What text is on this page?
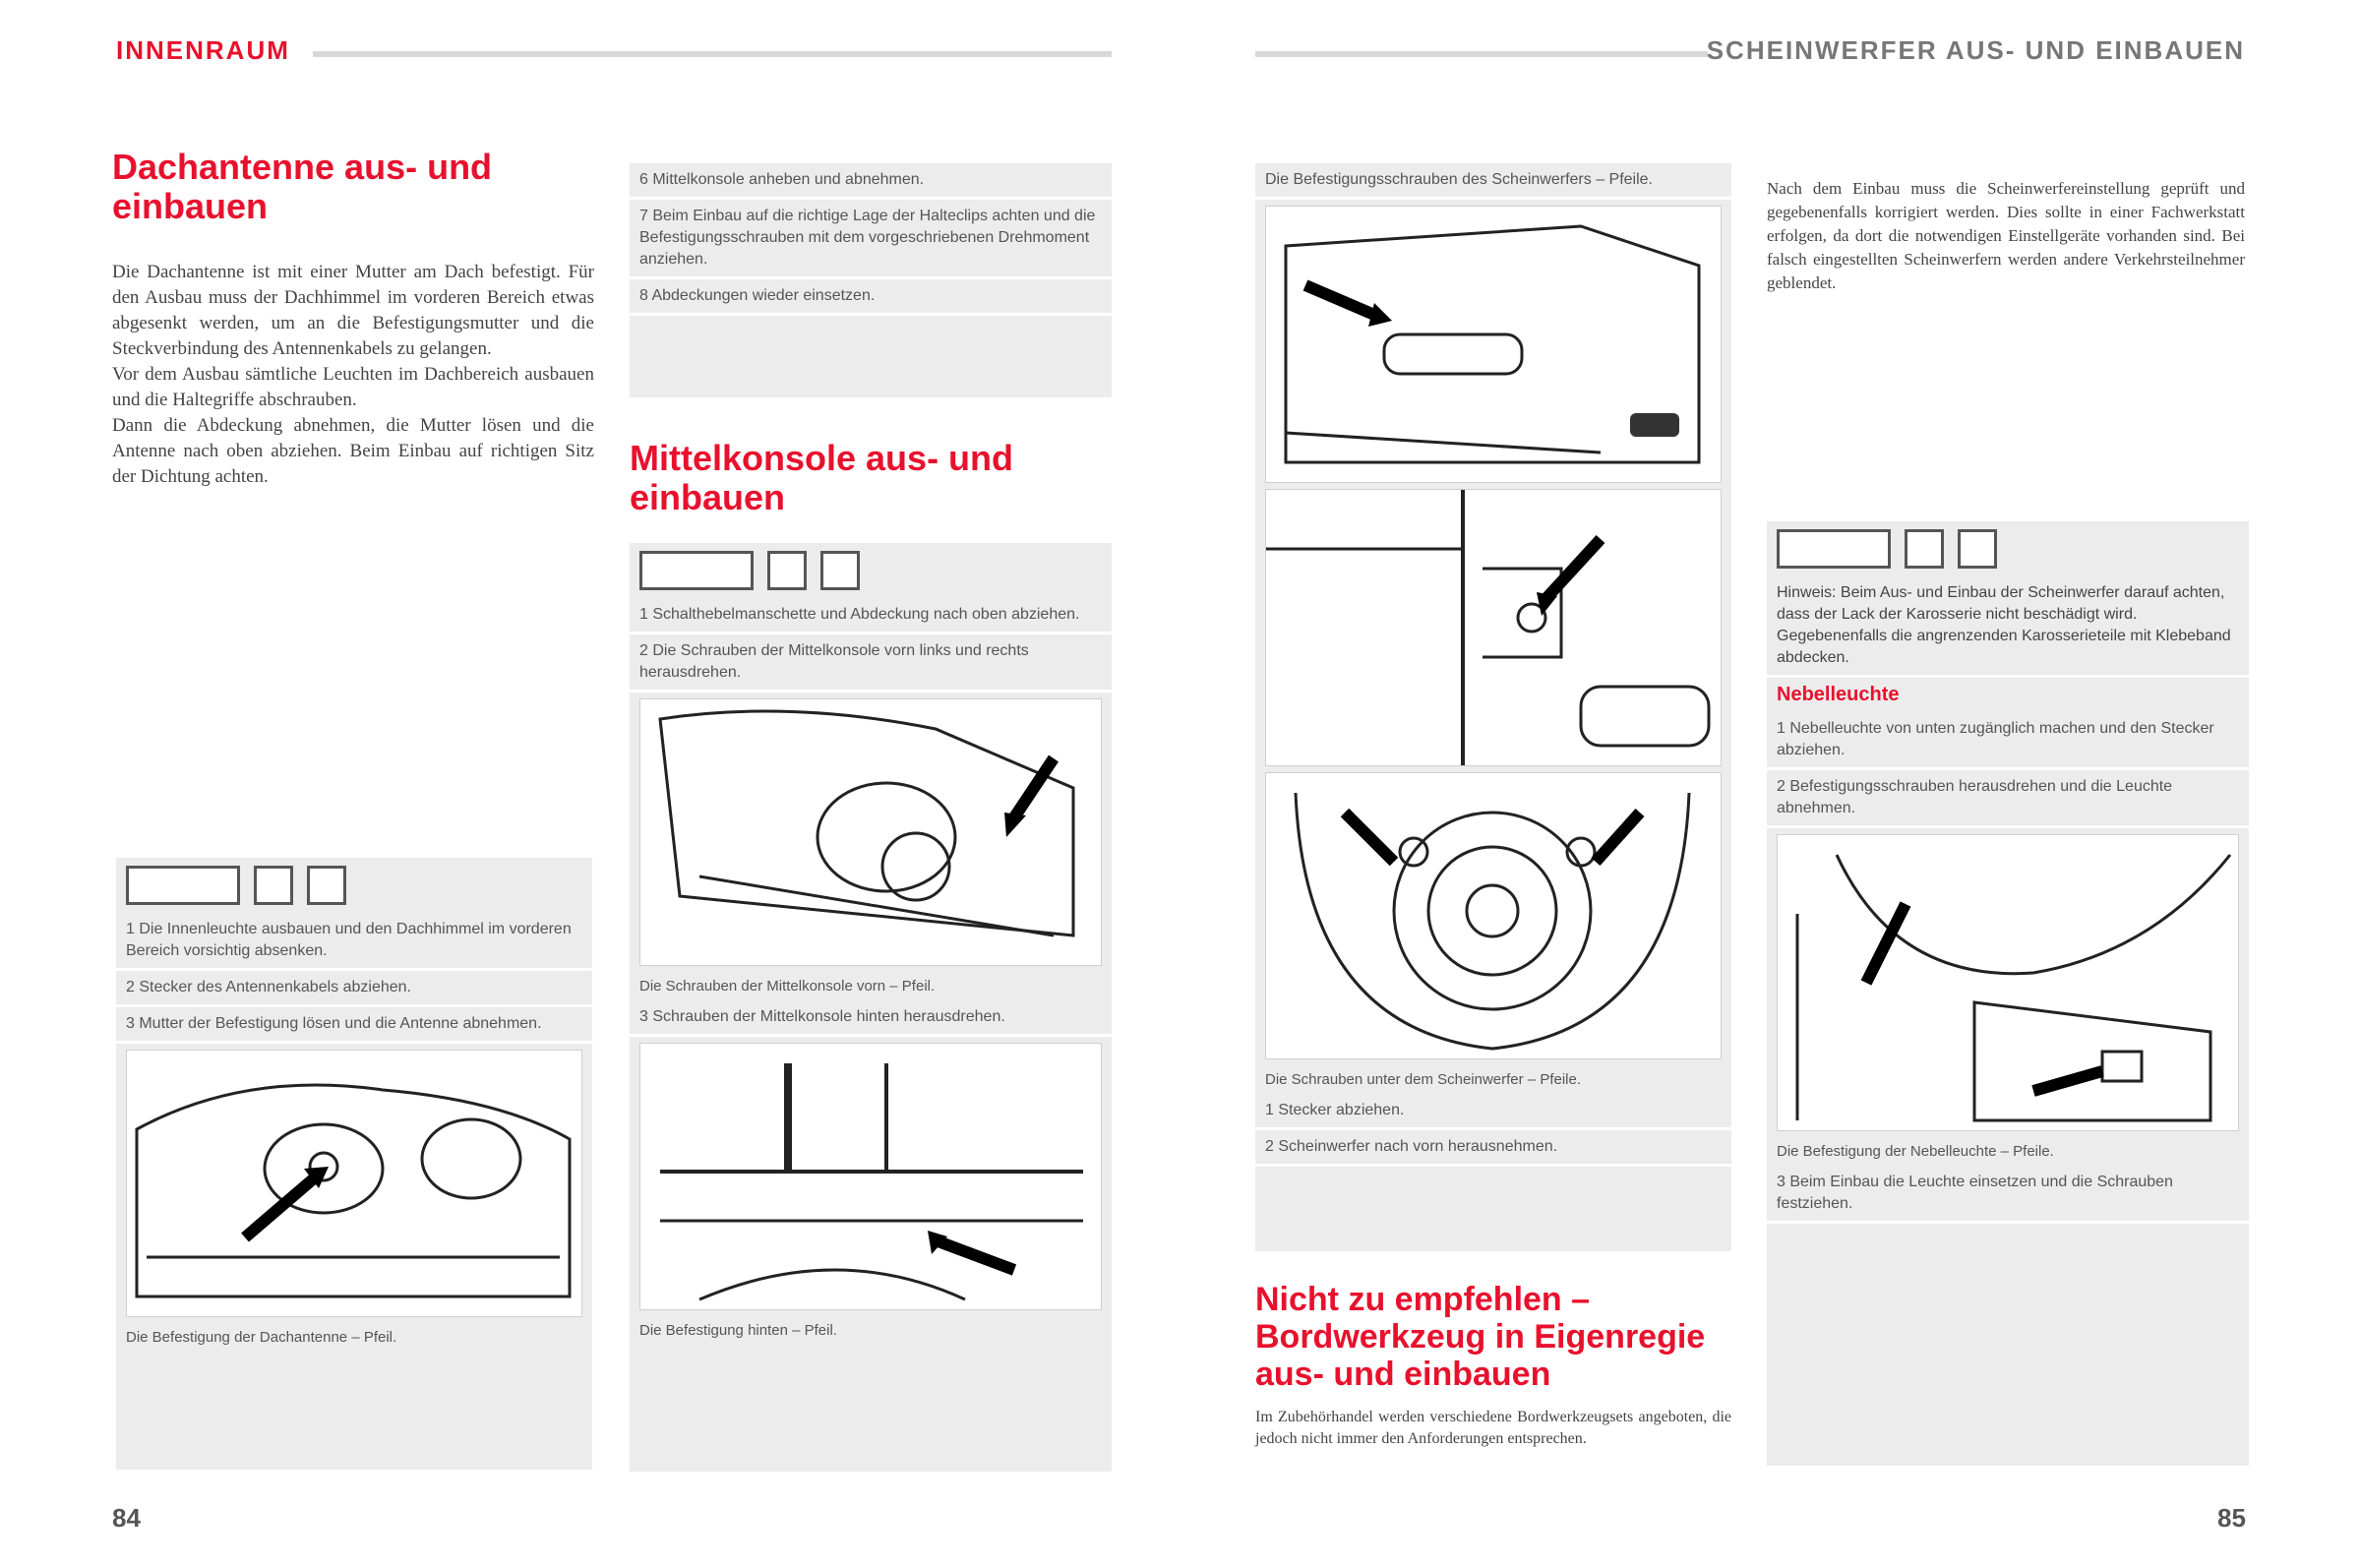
INNENRAUM	SCHEINWERFER AUS- UND EINBAUEN
Dachantenne aus- und einbauen
Die Dachantenne ist mit einer Mutter am Dach befestigt. Für den Ausbau muss der Dachhimmel im vorderen Bereich etwas abgesenkt werden, um an die Befestigungsmutter und die Steckverbindung des Antennenkabels zu gelangen.
Vor dem Ausbau sämtliche Leuchten im Dachbereich ausbauen und die Haltegriffe abschrauben.
Dann die Abdeckung abnehmen, die Mutter lösen und die Antenne nach oben abziehen. Beim Einbau auf richtigen Sitz der Dichtung achten.
1 Die Innenleuchte ausbauen und den Dachhimmel im vorderen Bereich vorsichtig absenken.
2 Stecker des Antennenkabels abziehen.
3 Mutter der Befestigung lösen und die Antenne abnehmen.
Die Befestigung der Dachantenne – Pfeil.
6 Mittelkonsole anheben und abnehmen.
7 Beim Einbau auf die richtige Lage der Halteclips achten und die Befestigungsschrauben mit dem vorgeschriebenen Drehmoment anziehen.
8 Abdeckungen wieder einsetzen.
Mittelkonsole aus- und einbauen
1 Schalthebelmanschette und Abdeckung nach oben abziehen.
2 Die Schrauben der Mittelkonsole vorn links und rechts herausdrehen.
Die Schrauben der Mittelkonsole vorn – Pfeil.
3 Schrauben der Mittelkonsole hinten herausdrehen.
Die Befestigung hinten – Pfeil.
84
Die Befestigungsschrauben des Scheinwerfers – Pfeile.
Die Schrauben unter dem Scheinwerfer – Pfeile.
1 Stecker abziehen.
2 Scheinwerfer nach vorn herausnehmen.
Nicht zu empfehlen – Bordwerkzeug in Eigenregie aus- und einbauen
Im Zubehörhandel werden verschiedene Bordwerkzeugsets angeboten, die jedoch nicht immer den Anforderungen entsprechen.
Nach dem Einbau muss die Scheinwerfereinstellung geprüft und gegebenenfalls korrigiert werden. Dies sollte in einer Fachwerkstatt erfolgen, da dort die notwendigen Einstellgeräte vorhanden sind. Bei falsch eingestellten Scheinwerfern werden andere Verkehrsteilnehmer geblendet.
Hinweis: Beim Aus- und Einbau der Scheinwerfer darauf achten, dass der Lack der Karosserie nicht beschädigt wird. Gegebenenfalls die angrenzenden Karosserieteile mit Klebeband abdecken.
Nebelleuchte
1 Nebelleuchte von unten zugänglich machen und den Stecker abziehen.
2 Befestigungsschrauben herausdrehen und die Leuchte abnehmen.
Die Befestigung der Nebelleuchte – Pfeile.
3 Beim Einbau die Leuchte einsetzen und die Schrauben festziehen.
85
